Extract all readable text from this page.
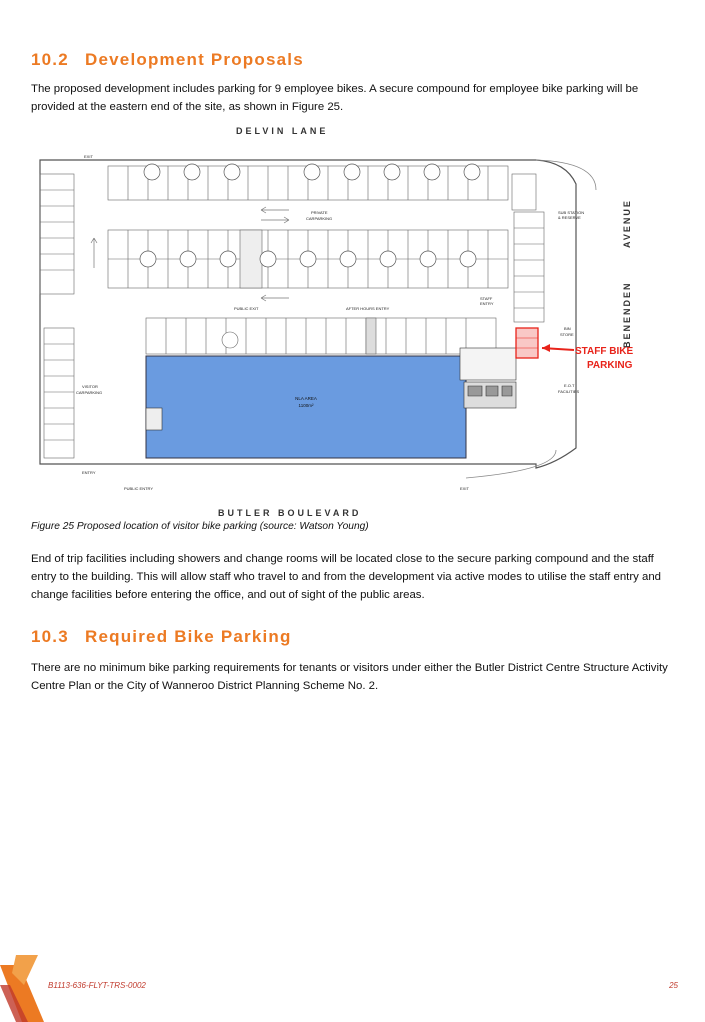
10.2 Development Proposals

The proposed development includes parking for 9 employee bikes. A secure compound for employee bike parking will be provided at the eastern end of the site, as shown in Figure 25.

DELVIN LANE
BUTLER BOULEVARD
AVENUE
BENENDEN
NLA AREA
1100m²
EXIT
PRIVATE
CARPARKING
SUB STATION
& RESERVE
PUBLIC EXIT	AFTER HOURS ENTRY
STAFF
ENTRY
BIN
STORE
VISITOR
CARPARKING
E.O.T
FACILITIES
ENTRY
PUBLIC ENTRY	EXIT
STAFF BIKE
PARKING

Figure 25 Proposed location of visitor bike parking (source: Watson Young)

End of trip facilities including showers and change rooms will be located close to the secure parking compound and the staff entry to the building. This will allow staff who travel to and from the development via active modes to utilise the staff entry and change facilities before entering the office, and out of sight of the public areas.

10.3 Required Bike Parking

There are no minimum bike parking requirements for tenants or visitors under either the Butler District Centre Structure Activity Centre Plan or the City of Wanneroo District Planning Scheme No. 2.

B1113-636-FLYT-TRS-0002	25
